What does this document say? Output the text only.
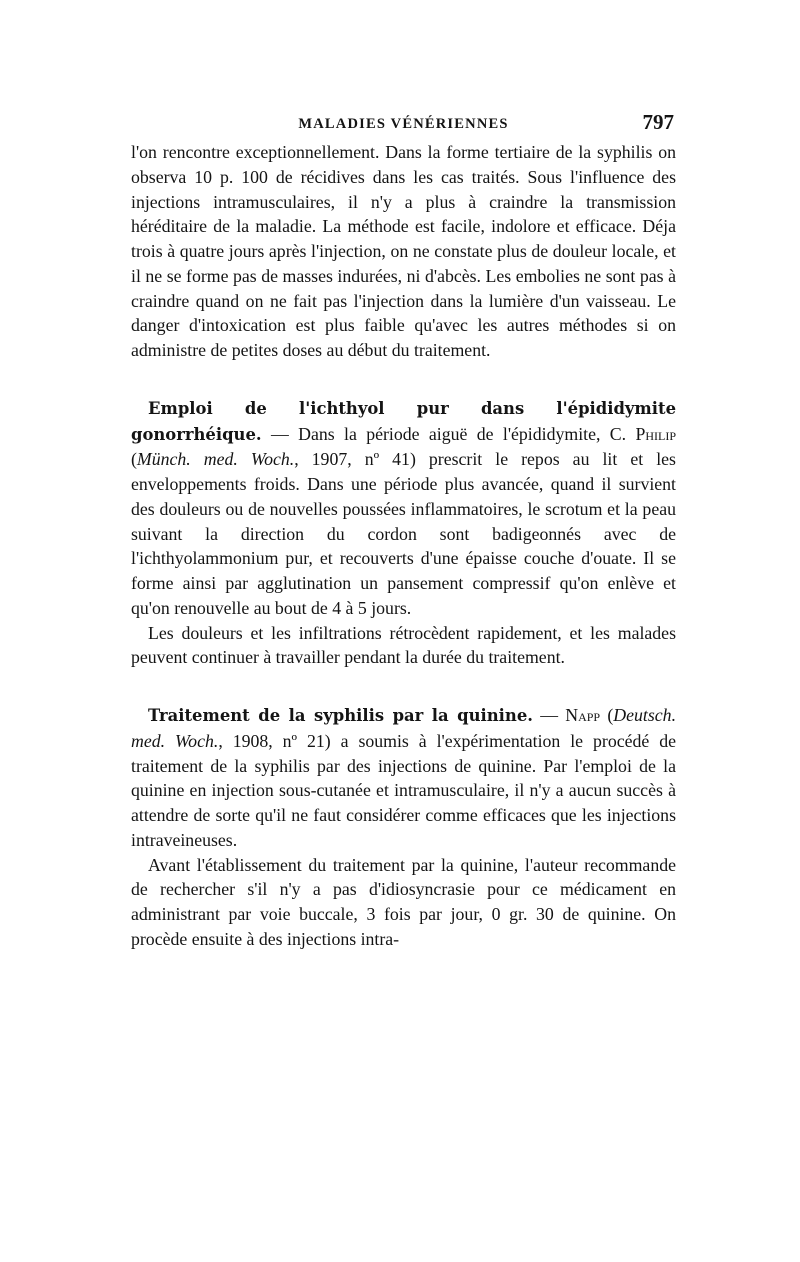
MALADIES VÉNÉRIENNES	797

l'on rencontre exceptionnellement. Dans la forme tertiaire de la syphilis on observa 10 p. 100 de récidives dans les cas traités. Sous l'influence des injections intramusculaires, il n'y a plus à craindre la transmission héréditaire de la maladie. La méthode est facile, indolore et efficace. Déja trois à quatre jours après l'injection, on ne constate plus de douleur locale, et il ne se forme pas de masses indurées, ni d'abcès. Les embolies ne sont pas à craindre quand on ne fait pas l'injection dans la lumière d'un vaisseau. Le danger d'intoxication est plus faible qu'avec les autres méthodes si on administre de petites doses au début du traitement.

Emploi de l'ichthyol pur dans l'épididymite gonorrhéique. — Dans la période aiguë de l'épididymite, C. Philip (Münch. med. Woch., 1907, nº 41) prescrit le repos au lit et les enveloppements froids. Dans une période plus avancée, quand il survient des douleurs ou de nouvelles poussées inflammatoires, le scrotum et la peau suivant la direction du cordon sont badigeonnés avec de l'ichthyolammonium pur, et recouverts d'une épaisse couche d'ouate. Il se forme ainsi par agglutination un pansement compressif qu'on enlève et qu'on renouvelle au bout de 4 à 5 jours.

Les douleurs et les infiltrations rétrocèdent rapidement, et les malades peuvent continuer à travailler pendant la durée du traitement.

Traitement de la syphilis par la quinine. — Napp (Deutsch. med. Woch., 1908, nº 21) a soumis à l'expérimentation le procédé de traitement de la syphilis par des injections de quinine. Par l'emploi de la quinine en injection sous-cutanée et intramusculaire, il n'y a aucun succès à attendre de sorte qu'il ne faut considérer comme efficaces que les injections intraveineuses.

Avant l'établissement du traitement par la quinine, l'auteur recommande de rechercher s'il n'y a pas d'idiosyncrasie pour ce médicament en administrant par voie buccale, 3 fois par jour, 0 gr. 30 de quinine. On procède ensuite à des injections intra-
